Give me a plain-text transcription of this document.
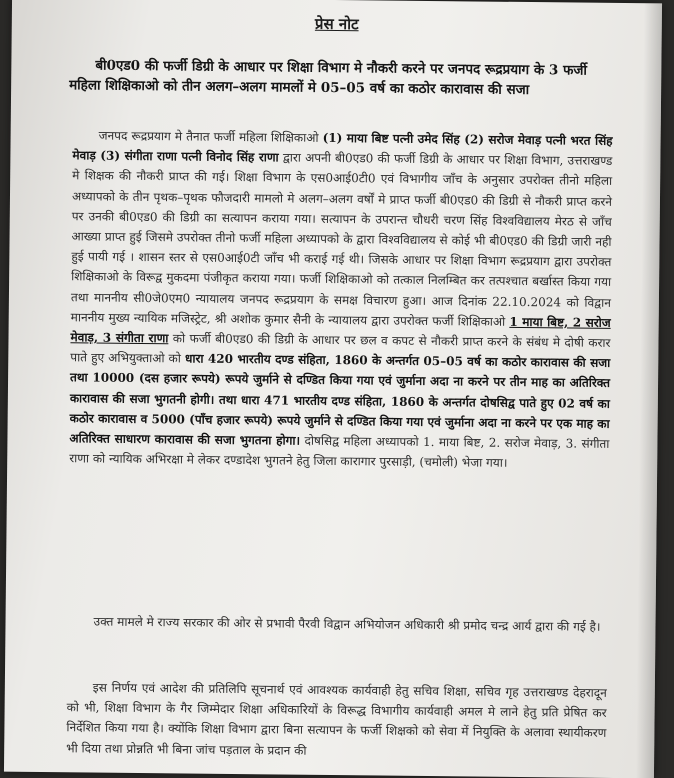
प्रेस नोट
बी0एड0 की फर्जी डिग्री के आधार पर शिक्षा विभाग मे नौकरी करने पर जनपद रूद्रप्रयाग के 3 फर्जी महिला शिक्षिकाओ को तीन अलग–अलग मामलों मे 05–05 वर्ष का कठोर कारावास की सजा
जनपद रूद्रप्रयाग मे तैनात फर्जी महिला शिक्षिकाओ (1) माया बिष्ट पत्नी उमेद सिंह (2) सरोज मेवाड़ पत्नी भरत सिंह मेवाड़ (3) संगीता राणा पत्नी विनोद सिंह राणा द्वारा अपनी बी0एड0 की फर्जी डिग्री के आधार पर शिक्षा विभाग, उत्तराखण्ड मे शिक्षक की नौकरी प्राप्त की गई। शिक्षा विभाग के एस0आई0टी0 एवं विभागीय जाँच के अनुसार उपरोक्त तीनो महिला अध्यापको के तीन पृथक–पृथक फौजदारी मामलो मे अलग–अलग वर्षों मे प्राप्त फर्जी बी0एड0 की डिग्री से नौकरी प्राप्त करने पर उनकी बी0एड0 की डिग्री का सत्यापन कराया गया। सत्यापन के उपरान्त चौधरी चरण सिंह विश्वविद्यालय मेरठ से जाँच आख्या प्राप्त हुई जिसमे उपरोक्त तीनो फर्जी महिला अध्यापको के द्वारा विश्वविद्यालय से कोई भी बी0एड0 की डिग्री जारी नही हुई पायी गई । शासन स्तर से एस0आई0टी जाँच भी कराई गई थी। जिसके आधार पर शिक्षा विभाग रूद्रप्रयाग द्वारा उपरोक्त शिक्षिकाओ के विरूद्व मुकदमा पंजीकृत कराया गया। फर्जी शिक्षिकाओ को तत्काल निलम्बित कर तत्पश्चात बर्खास्त किया गया तथा माननीय सी0जे0एम0 न्यायालय जनपद रूद्रप्रयाग के समक्ष विचारण हुआ। आज दिनांक 22.10.2024 को विद्वान माननीय मुख्य न्यायिक मजिस्ट्रेट, श्री अशोक कुमार सैनी के न्यायालय द्वारा उपरोक्त फर्जी शिक्षिकाओ 1 माया बिष्ट, 2 सरोज मेवाड़, 3 संगीता राणा को फर्जी बी0एड0 की डिग्री के आधार पर छल व कपट से नौकरी प्राप्त करने के संबंध मे दोषी करार पाते हुए अभियुक्ताओ को धारा 420 भारतीय दण्ड संहिता, 1860 के अन्तर्गत 05–05 वर्ष का कठोर कारावास की सजा तथा 10000 (दस हजार रूपये) रूपये जुर्माने से दण्डित किया गया एवं जुर्माना अदा ना करने पर तीन माह का अतिरिक्त कारावास की सजा भुगतनी होगी। तथा धारा 471 भारतीय दण्ड संहिता, 1860 के अन्तर्गत दोषसिद्व पाते हुए 02 वर्ष का कठोर कारावास व 5000 (पाँच हजार रूपये) रूपये जुर्माने से दण्डित किया गया एवं जुर्माना अदा ना करने पर एक माह का अतिरिक्त साधारण कारावास की सजा भुगतना होगा। दोषसिद्व महिला अध्यापको 1. माया बिष्ट, 2. सरोज मेवाड़, 3. संगीता राणा को न्यायिक अभिरक्षा मे लेकर दण्डादेश भुगतने हेतु जिला कारागार पुरसाड़ी, (चमोली) भेजा गया।
उक्त मामले मे राज्य सरकार की ओर से प्रभावी पैरवी विद्वान अभियोजन अधिकारी श्री प्रमोद चन्द्र आर्य द्वारा की गई है।
इस निर्णय एवं आदेश की प्रतिलिपि सूचनार्थ एवं आवश्यक कार्यवाही हेतु सचिव शिक्षा, सचिव गृह उत्तराखण्ड देहरादून को भी, शिक्षा विभाग के गैर जिम्मेदार शिक्षा अधिकारियों के विरूद्ध विभागीय कार्यवाही अमल मे लाने हेतु प्रति प्रेषित कर निर्देशित किया गया है। क्योंकि शिक्षा विभाग द्वारा बिना सत्यापन के फर्जी शिक्षको को सेवा में नियुक्ति के अलावा स्थायीकरण भी दिया तथा प्रोन्नति भी बिना जांच पड़ताल के प्रदान की
